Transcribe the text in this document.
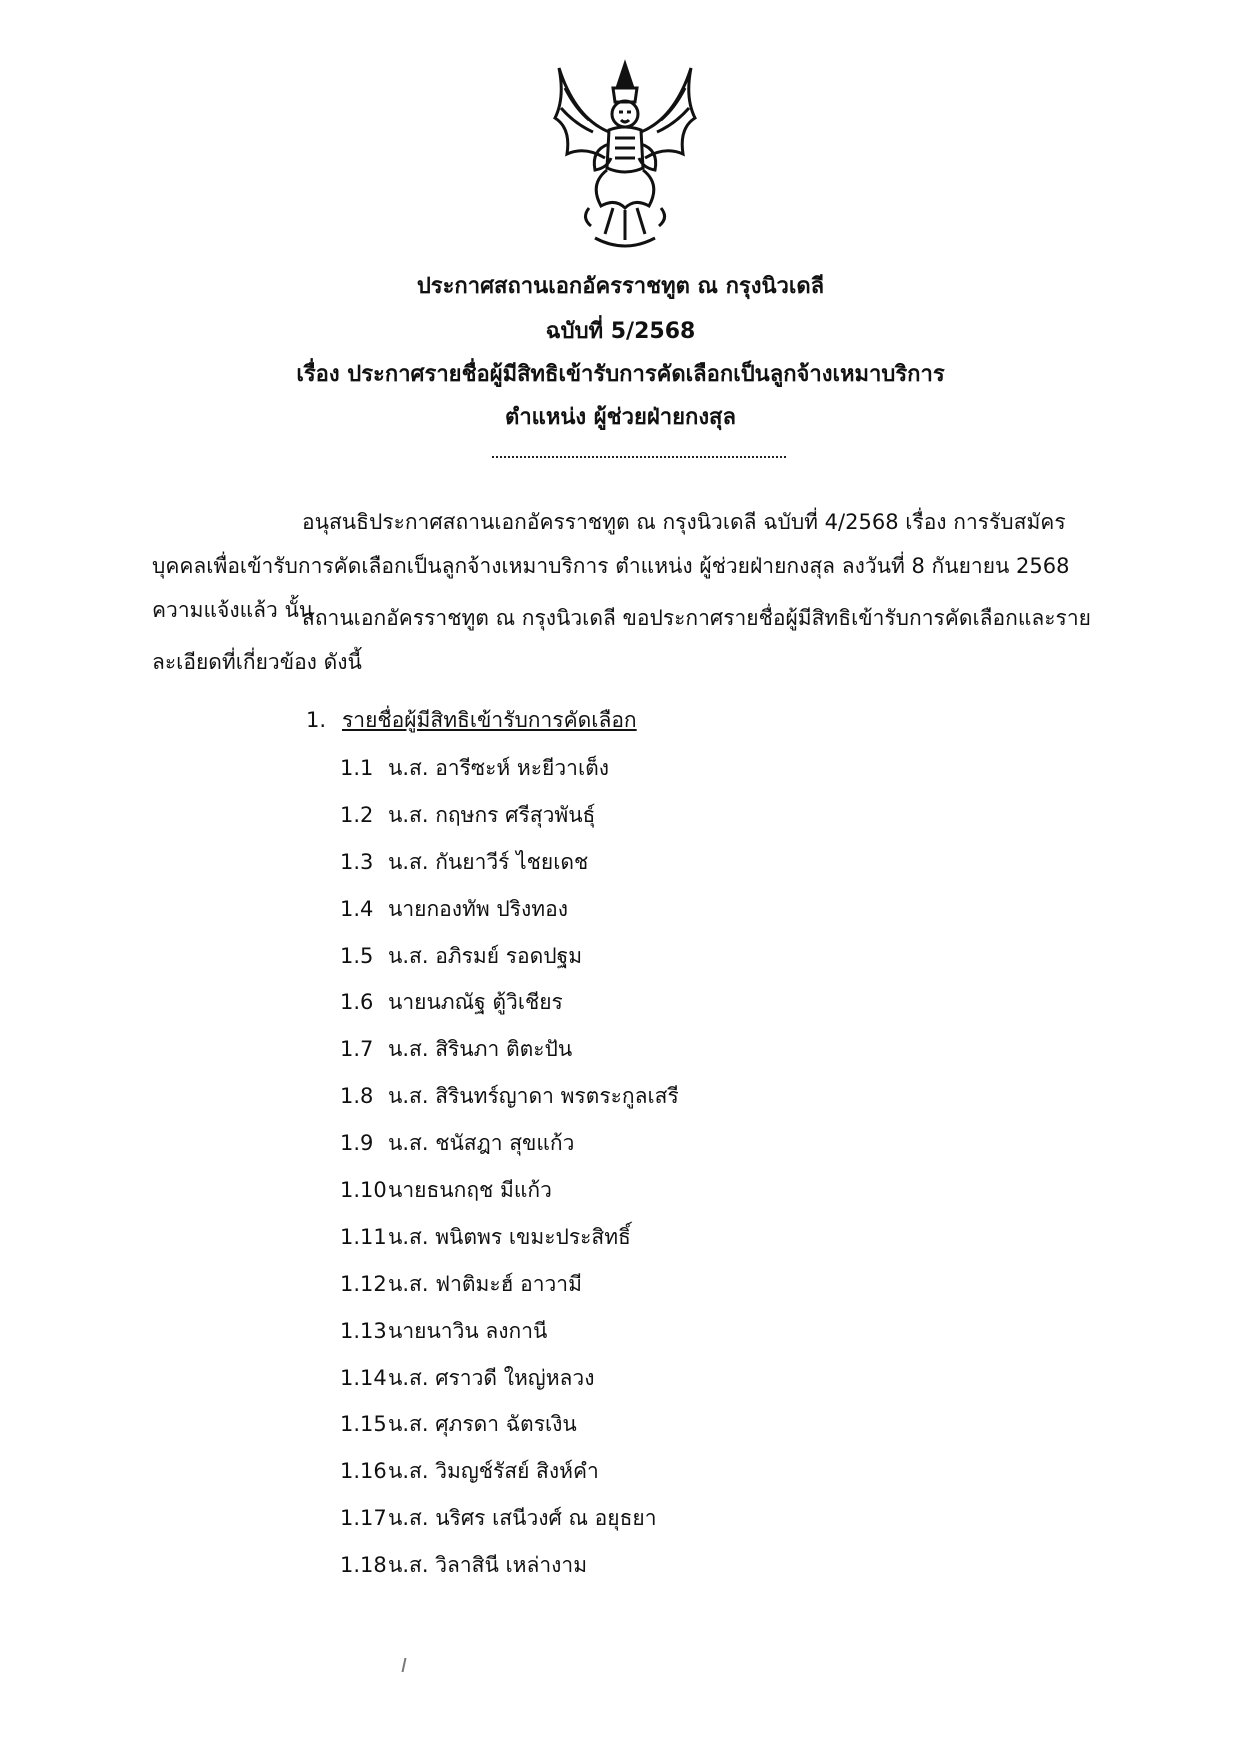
ประกาศสถานเอกอัครราชทูต ณ กรุงนิวเดลี
ฉบับที่ 5/2568
เรื่อง ประกาศรายชื่อผู้มีสิทธิเข้ารับการคัดเลือกเป็นลูกจ้างเหมาบริการ
ตำแหน่ง ผู้ช่วยฝ่ายกงสุล
อนุสนธิประกาศสถานเอกอัครราชทูต ณ กรุงนิวเดลี ฉบับที่ 4/2568 เรื่อง การรับสมัครบุคคลเพื่อเข้ารับการคัดเลือกเป็นลูกจ้างเหมาบริการ ตำแหน่ง ผู้ช่วยฝ่ายกงสุล ลงวันที่ 8 กันยายน 2568 ความแจ้งแล้ว นั้น
สถานเอกอัครราชทูต ณ กรุงนิวเดลี ขอประกาศรายชื่อผู้มีสิทธิเข้ารับการคัดเลือกและรายละเอียดที่เกี่ยวข้อง ดังนี้
1. รายชื่อผู้มีสิทธิเข้ารับการคัดเลือก
1.1 น.ส. อารีซะห์ หะยีวาเต็ง
1.2 น.ส. กฤษกร ศรีสุวพันธุ์
1.3 น.ส. กันยาวีร์ ไชยเดช
1.4 นายกองทัพ ปริงทอง
1.5 น.ส. อภิรมย์ รอดปฐม
1.6 นายนภณัฐ ตู้วิเชียร
1.7 น.ส. สิรินภา ติตะปัน
1.8 น.ส. สิรินทร์ญาดา พรตระกูลเสรี
1.9 น.ส. ชนัสฎา สุขแก้ว
1.10นายธนกฤช มีแก้ว
1.11น.ส. พนิตพร เขมะประสิทธิ์
1.12น.ส. ฟาติมะฮ์ อาวามี
1.13นายนาวิน ลงกานี
1.14น.ส. ศราวดี ใหญ่หลวง
1.15น.ส. ศุภรดา ฉัตรเงิน
1.16น.ส. วิมญช์รัสย์ สิงห์คำ
1.17น.ส. นริศร เสนีวงศ์ ณ อยุธยา
1.18น.ส. วิลาสินี เหล่างาม
